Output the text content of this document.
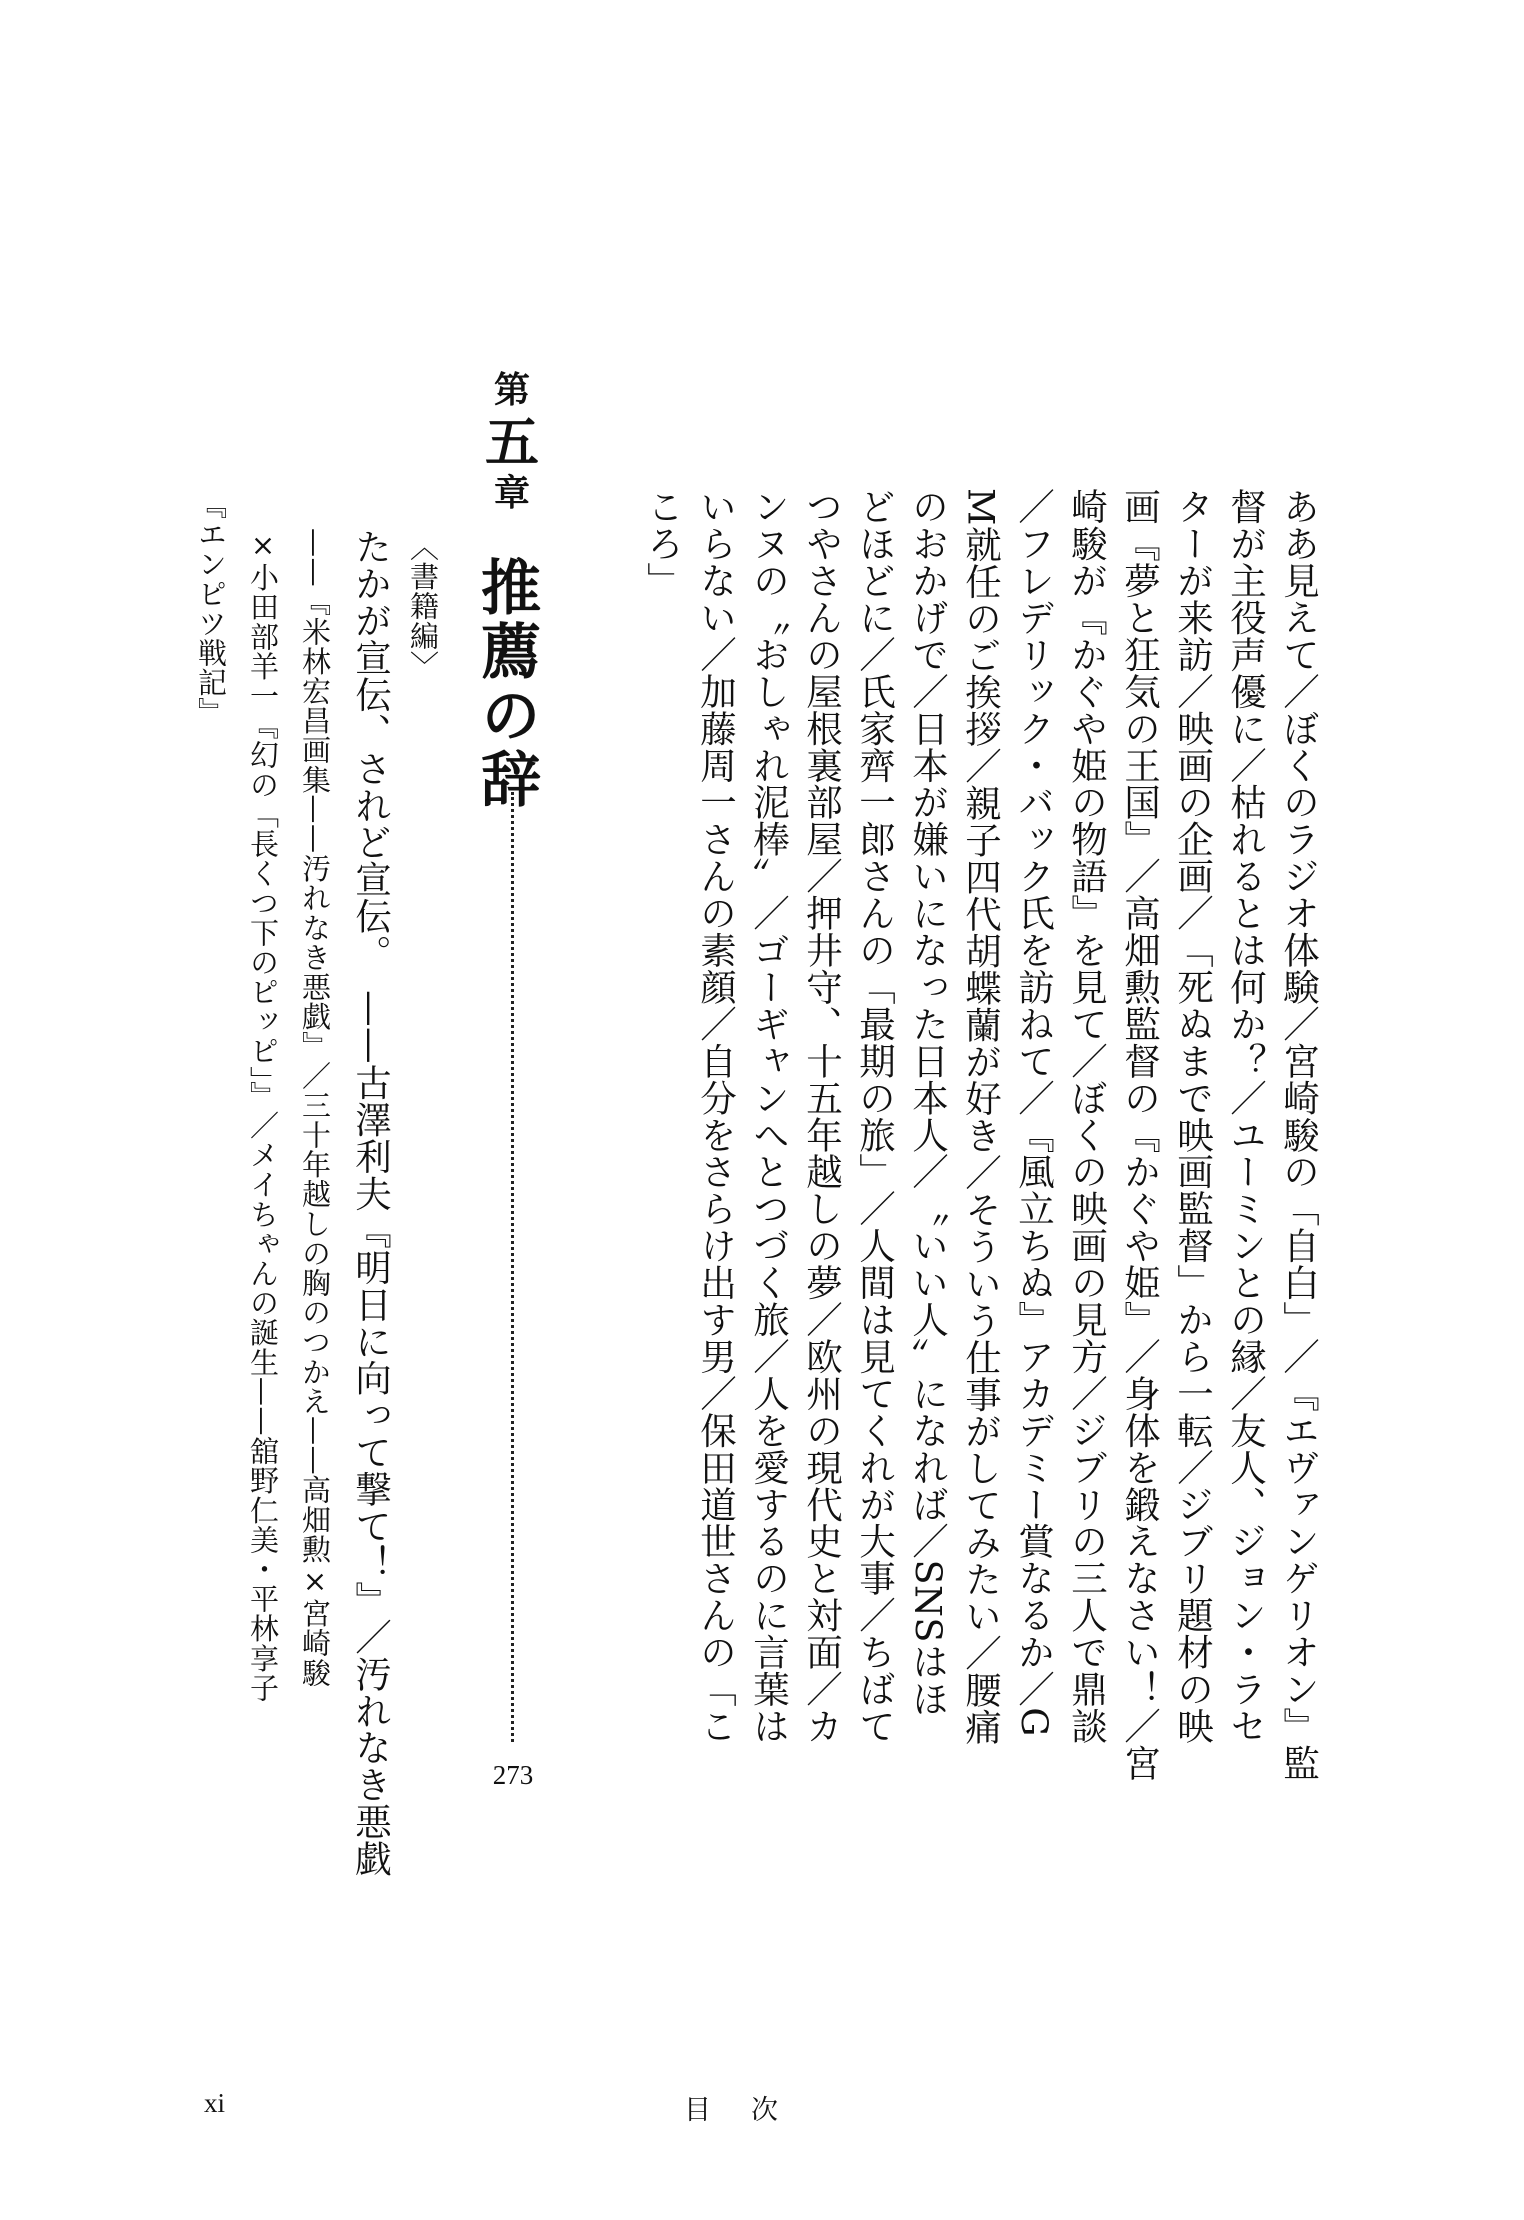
ああ見えて／ぼくのラジオ体験／宮崎駿の「自白」／『エヴァンゲリオン』監
督が主役声優に／枯れるとは何か？／ユーミンとの縁／友人、ジョン・ラセ
ターが来訪／映画の企画／「死ぬまで映画監督」から一転／ジブリ題材の映
画『夢と狂気の王国』／高畑勲監督の『かぐや姫』／身体を鍛えなさい！／宮
崎駿が『かぐや姫の物語』を見て／ぼくの映画の見方／ジブリの三人で鼎談
／フレデリック・バック氏を訪ねて／『風立ちぬ』アカデミー賞なるか／G
M就任のご挨拶／親子四代胡蝶蘭が好き／そういう仕事がしてみたい／腰痛
のおかげで／日本が嫌いになった日本人／〝いい人〟になれば／SNSはほ
どほどに／氏家齊一郎さんの「最期の旅」／人間は見てくれが大事／ちばて
つやさんの屋根裏部屋／押井守、十五年越しの夢／欧州の現代史と対面／カ
ンヌの〝おしゃれ泥棒〟／ゴーギャンへとつづく旅／人を愛するのに言葉は
いらない／加藤周一さんの素顔／自分をさらけ出す男／保田道世さんの「こ
ころ」
第
五
章
推薦の辞
273
〈書籍編〉
たかが宣伝、されど宣伝。　——古澤利夫『明日に向って撃て！』／汚れなき悪戯
——『米林宏昌画集——汚れなき悪戯』／三十年越しの胸のつかえ——高畑勲×宮崎駿
×小田部羊一『幻の「長くつ下のピッピ」』／メイちゃんの誕生——舘野仁美・平林享子
『エンピツ戦記』
xi	目次
